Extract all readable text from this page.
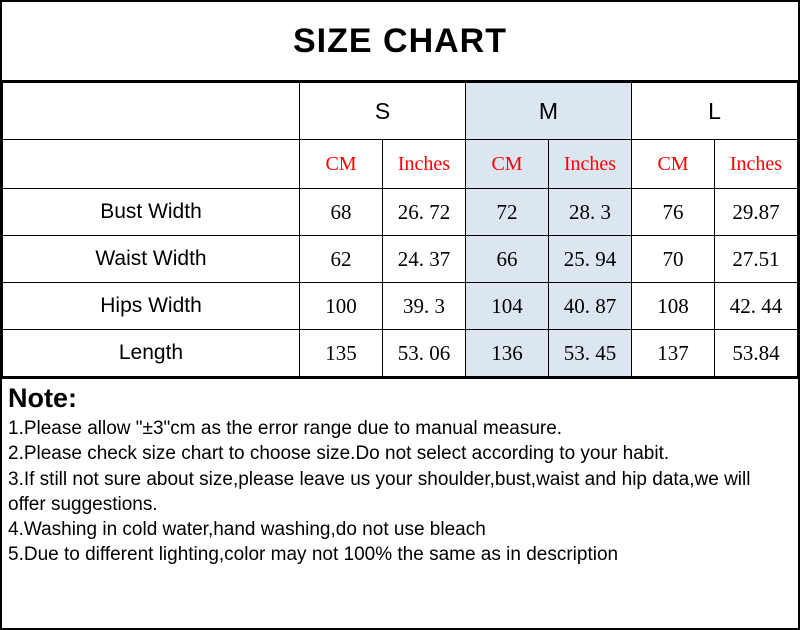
SIZE CHART
	S		M		L	
	CM	Inches	CM	Inches	CM	Inches
Bust Width	68	26. 72	72	28. 3	76	29.87
Waist Width	62	24. 37	66	25. 94	70	27.51
Hips Width	100	39. 3	104	40. 87	108	42. 44
Length	135	53. 06	136	53. 45	137	53.84
Note:
1.Please allow "±3"cm as the error range due to manual measure.
2.Please check size chart to choose size.Do not select according to your habit.
3.If still not sure about size,please leave us your shoulder,bust,waist and hip data,we will offer suggestions.
4.Washing in cold water,hand washing,do not use bleach
5.Due to different lighting,color may not 100% the same as in description
